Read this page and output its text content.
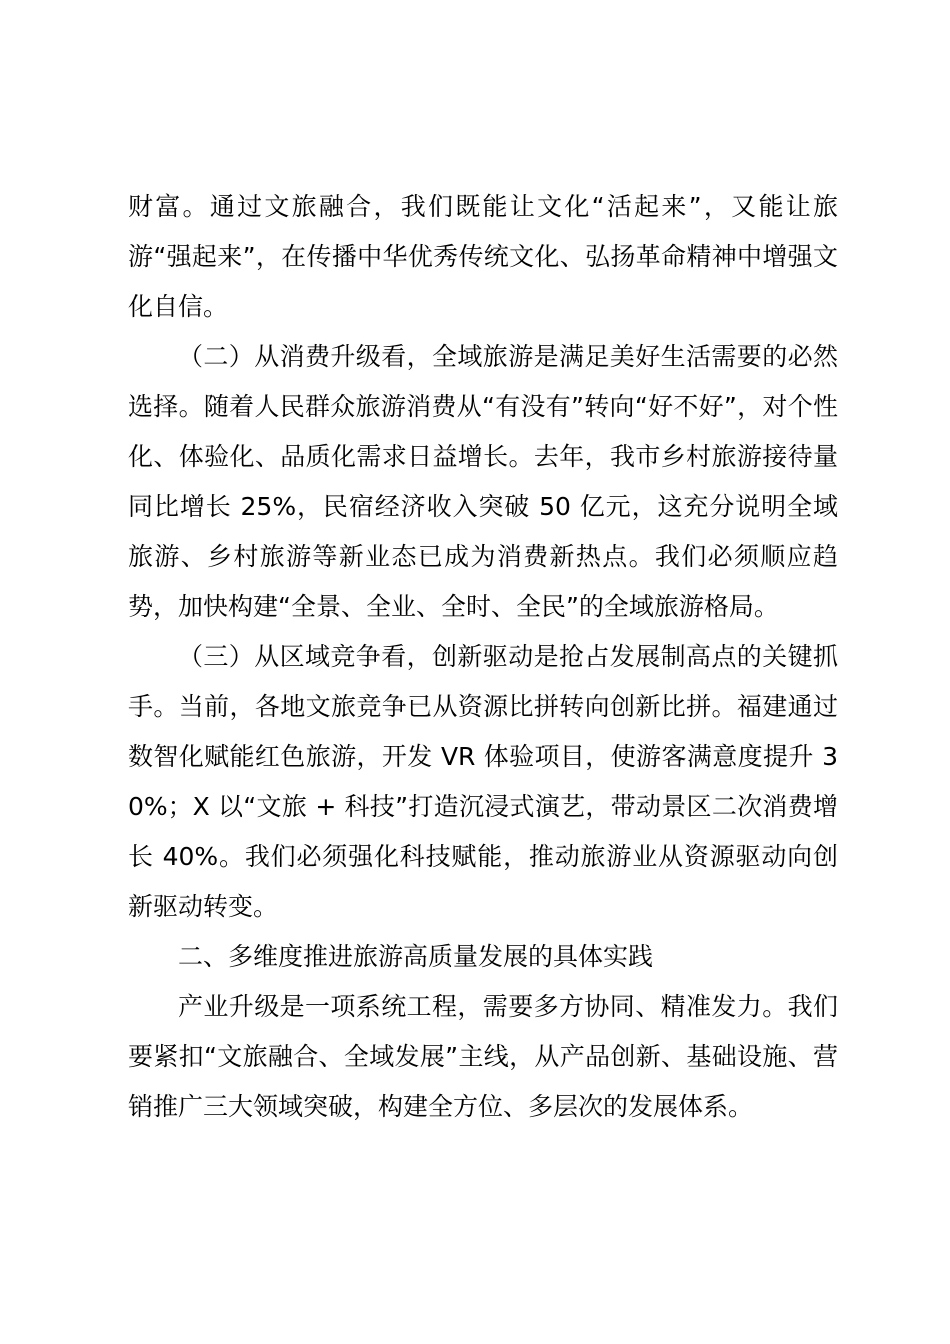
财富。通过文旅融合，我们既能让文化“活起来”，又能让旅游“强起来”，在传播中华优秀传统文化、弘扬革命精神中增强文化自信。

（二）从消费升级看，全域旅游是满足美好生活需要的必然选择。随着人民群众旅游消费从“有没有”转向“好不好”，对个性化、体验化、品质化需求日益增长。去年，我市乡村旅游接待量同比增长 25%，民宿经济收入突破 50 亿元，这充分说明全域旅游、乡村旅游等新业态已成为消费新热点。我们必须顺应趋势，加快构建“全景、全业、全时、全民”的全域旅游格局。

（三）从区域竞争看，创新驱动是抢占发展制高点的关键抓手。当前，各地文旅竞争已从资源比拼转向创新比拼。福建通过数智化赋能红色旅游，开发 VR 体验项目，使游客满意度提升 30%；X 以“文旅 + 科技”打造沉浸式演艺，带动景区二次消费增长 40%。我们必须强化科技赋能，推动旅游业从资源驱动向创新驱动转变。

二、多维度推进旅游高质量发展的具体实践

产业升级是一项系统工程，需要多方协同、精准发力。我们要紧扣“文旅融合、全域发展”主线，从产品创新、基础设施、营销推广三大领域突破，构建全方位、多层次的发展体系。
